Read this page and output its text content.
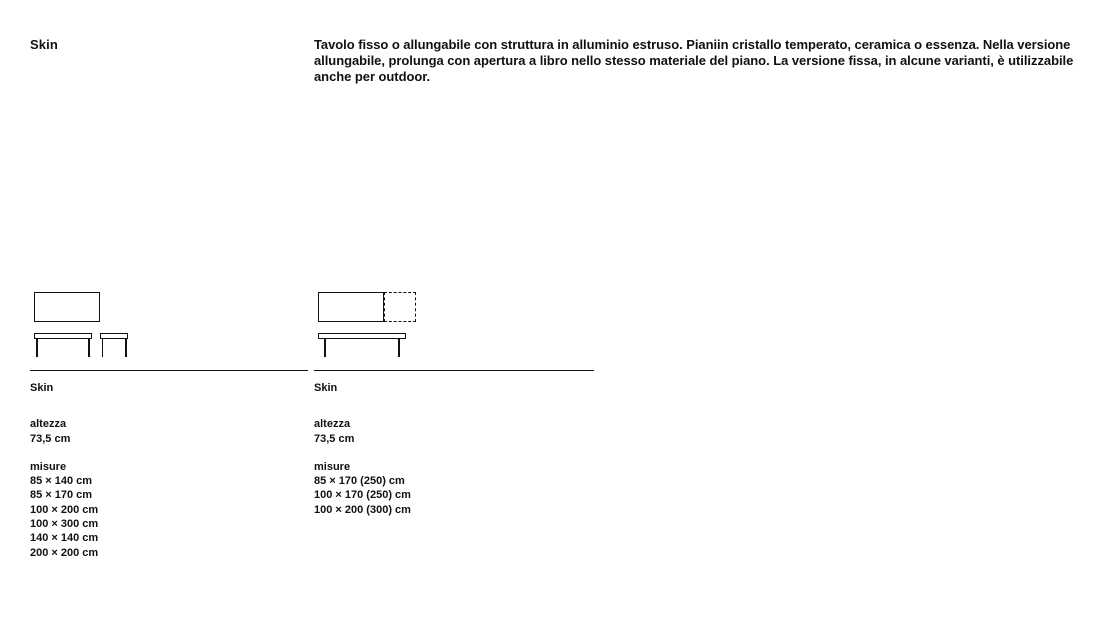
Skin	Tavolo fisso o allungabile con struttura in alluminio estruso. Pianiin cristallo temperato, ceramica o essenza. Nella versione allungabile, prolunga con apertura a libro nello stesso materiale del piano. La versione fissa, in alcune varianti, è utilizzabile anche per outdoor.

Skin

altezza

73,5 cm

misure

85 × 140 cm

85 × 170 cm

100 × 200 cm

100 × 300 cm

140 × 140 cm

200 × 200 cm

Skin

altezza

73,5 cm

misure

85 × 170 (250) cm

100 × 170 (250) cm

100 × 200 (300) cm
